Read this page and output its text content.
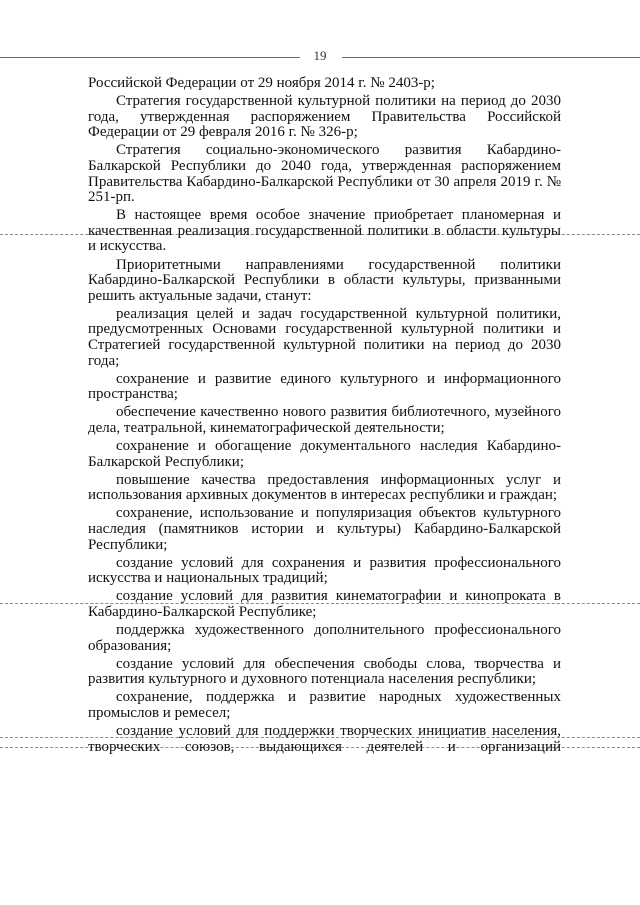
19

Российской Федерации от 29 ноября 2014 г. № 2403-р;

Стратегия государственной культурной политики на период до 2030 года, утвержденная распоряжением Правительства Российской Федерации от 29 февраля 2016 г. № 326-р;

Стратегия социально-экономического развития Кабардино-Балкарской Республики до 2040 года, утвержденная распоряжением Правительства Кабардино-Балкарской Республики от 30 апреля 2019 г. № 251-рп.

В настоящее время особое значение приобретает планомерная и качественная реализация государственной политики в области культуры и искусства.

Приоритетными направлениями государственной политики Кабардино-Балкарской Республики в области культуры, призванными решить актуальные задачи, станут:

реализация целей и задач государственной культурной политики, предусмотренных Основами государственной культурной политики и Стратегией государственной культурной политики на период до 2030 года;

сохранение и развитие единого культурного и информационного пространства;

обеспечение качественно нового развития библиотечного, музейного дела, театральной, кинематографической деятельности;

сохранение и обогащение документального наследия Кабардино-Балкарской Республики;

повышение качества предоставления информационных услуг и использования архивных документов в интересах республики и граждан;

сохранение, использование и популяризация объектов культурного наследия (памятников истории и культуры) Кабардино-Балкарской Республики;

создание условий для сохранения и развития профессионального искусства и национальных традиций;

создание условий для развития кинематографии и кинопроката в Кабардино-Балкарской Республике;

поддержка художественного дополнительного профессионального образования;

создание условий для обеспечения свободы слова, творчества и развития культурного и духовного потенциала населения республики;

сохранение, поддержка и развитие народных художественных промыслов и ремесел;

создание условий для поддержки творческих инициатив населения, творческих союзов, выдающихся деятелей и организаций
